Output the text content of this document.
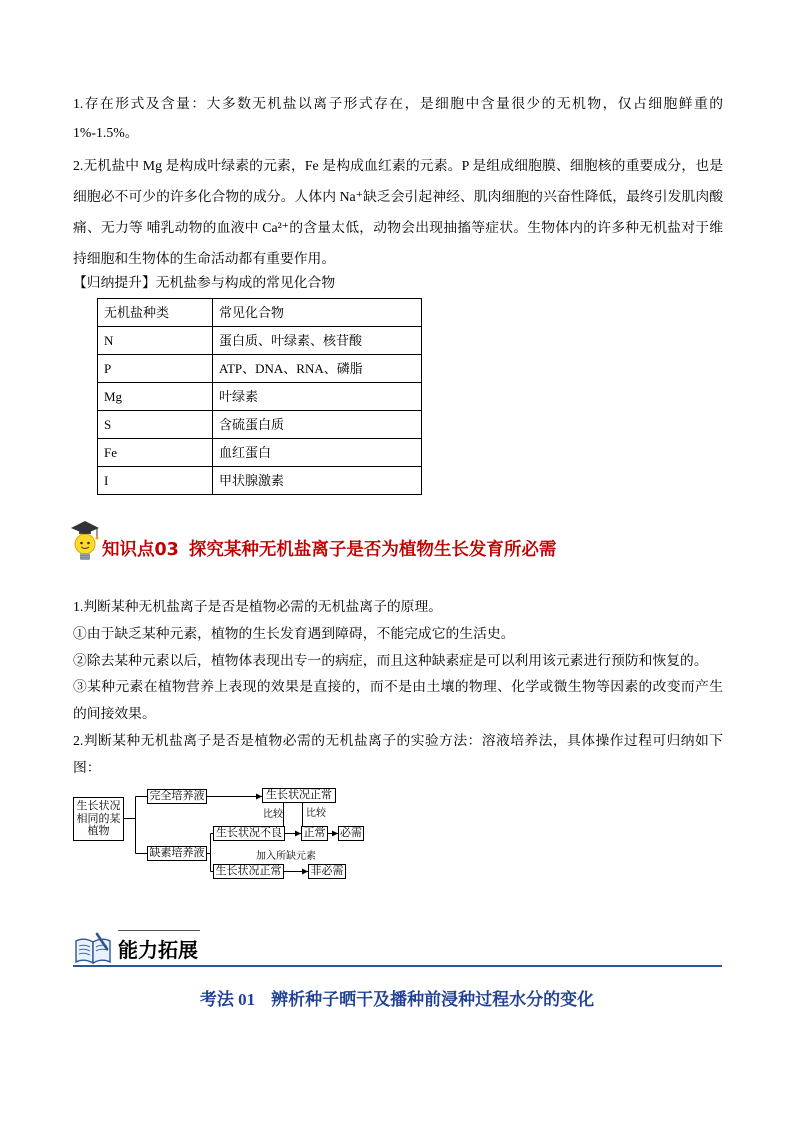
1.存在形式及含量：大多数无机盐以离子形式存在，是细胞中含量很少的无机物，仅占细胞鲜重的
1%-1.5%。
2.无机盐中 Mg 是构成叶绿素的元素，Fe 是构成血红素的元素。P 是组成细胞膜、细胞核的重要成分，也是
细胞必不可少的许多化合物的成分。人体内 Na⁺缺乏会引起神经、肌肉细胞的兴奋性降低，最终引发肌肉酸
痛、无力等 哺乳动物的血液中 Ca²⁺的含量太低，动物会出现抽搐等症状。生物体内的许多种无机盐对于维
持细胞和生物体的生命活动都有重要作用。
【归纳提升】无机盐参与构成的常见化合物
无机盐种类	常见化合物
N	蛋白质、叶绿素、核苷酸
P	ATP、DNA、RNA、磷脂
Mg	叶绿素
S	含硫蛋白质
Fe	血红蛋白
I	甲状腺激素
知识点03 探究某种无机盐离子是否为植物生长发育所必需
1.判断某种无机盐离子是否是植物必需的无机盐离子的原理。
①由于缺乏某种元素，植物的生长发育遇到障碍，不能完成它的生活史。
②除去某种元素以后，植物体表现出专一的病症，而且这种缺素症是可以利用该元素进行预防和恢复的。
③某种元素在植物营养上表现的效果是直接的，而不是由土壤的物理、化学或微生物等因素的改变而产生
的间接效果。
2.判断某种无机盐离子是否是植物必需的无机盐离子的实验方法：溶液培养法，具体操作过程可归纳如下
图：
生长状况
相同的某
植物
完全培养液
缺素培养液
生长状况正常
生长状况不良 正常 必需
生长状况正常	非必需
比较 比较
加入所缺元素
能力拓展
考法 01 辨析种子晒干及播种前浸种过程水分的变化
